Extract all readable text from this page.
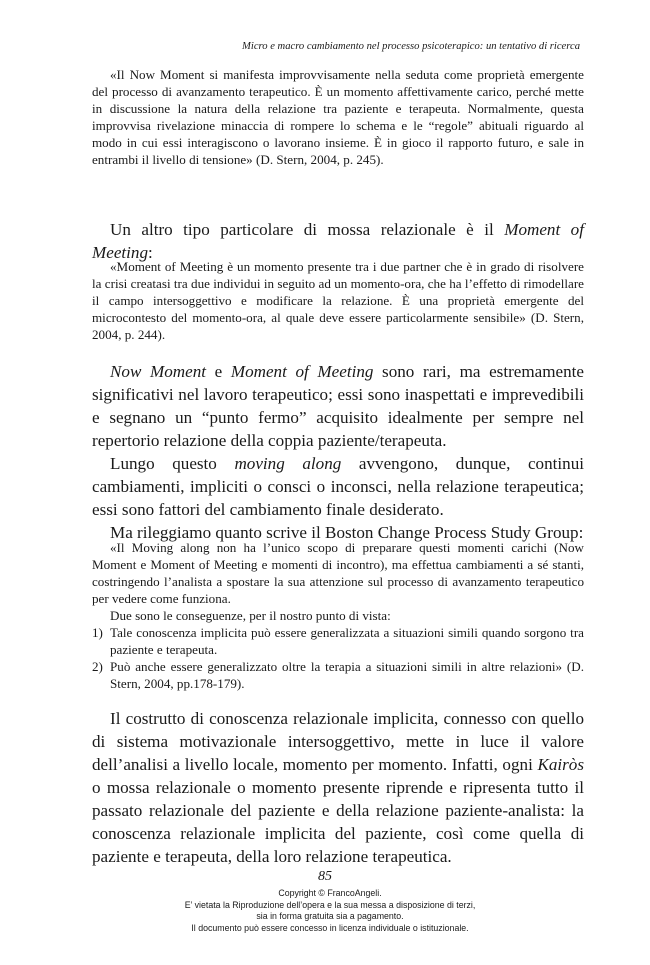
Micro e macro cambiamento nel processo psicoterapico: un tentativo di ricerca
«Il Now Moment si manifesta improvvisamente nella seduta come proprietà emergente del processo di avanzamento terapeutico. È un momento affettivamente carico, perché mette in discussione la natura della relazione tra paziente e terapeuta. Normalmente, questa improvvisa rivelazione minaccia di rompere lo schema e le “regole” abituali riguardo al modo in cui essi interagiscono o lavorano insieme. È in gioco il rapporto futuro, e sale in entrambi il livello di tensione» (D. Stern, 2004, p. 245).

Un altro tipo particolare di mossa relazionale è il Moment of Meeting:

«Moment of Meeting è un momento presente tra i due partner che è in grado di risolvere la crisi creatasi tra due individui in seguito ad un momento-ora, che ha l’effetto di rimodellare il campo intersoggettivo e modificare la relazione. È una proprietà emergente del microcontesto del momento-ora, al quale deve essere particolarmente sensibile» (D. Stern, 2004, p. 244).

Now Moment e Moment of Meeting sono rari, ma estremamente significativi nel lavoro terapeutico; essi sono inaspettati e imprevedibili e segnano un “punto fermo” acquisito idealmente per sempre nel repertorio relazione della coppia paziente/terapeuta.

Lungo questo moving along avvengono, dunque, continui cambiamenti, impliciti o consci o inconsci, nella relazione terapeutica; essi sono fattori del cambiamento finale desiderato.

Ma rileggiamo quanto scrive il Boston Change Process Study Group:

«Il Moving along non ha l’unico scopo di preparare questi momenti carichi (Now Moment e Moment of Meeting e momenti di incontro), ma effettua cambiamenti a sé stanti, costringendo l’analista a spostare la sua attenzione sul processo di avanzamento terapeutico per vedere come funziona.
Due sono le conseguenze, per il nostro punto di vista:
1) Tale conoscenza implicita può essere generalizzata a situazioni simili quando sorgono tra paziente e terapeuta.
2) Può anche essere generalizzato oltre la terapia a situazioni simili in altre relazioni» (D. Stern, 2004, pp.178-179).

Il costrutto di conoscenza relazionale implicita, connesso con quello di sistema motivazionale intersoggettivo, mette in luce il valore dell’analisi a livello locale, momento per momento. Infatti, ogni Kairòs o mossa relazionale o momento presente riprende e ripresenta tutto il passato relazionale del paziente e della relazione paziente-analista: la conoscenza relazionale implicita del paziente, così come quella di paziente e terapeuta, della loro relazione terapeutica.

85
Copyright © FrancoAngeli.
E’ vietata la Riproduzione dell’opera e la sua messa a disposizione di terzi,
sia in forma gratuita sia a pagamento.
Il documento può essere concesso in licenza individuale o istituzionale.
